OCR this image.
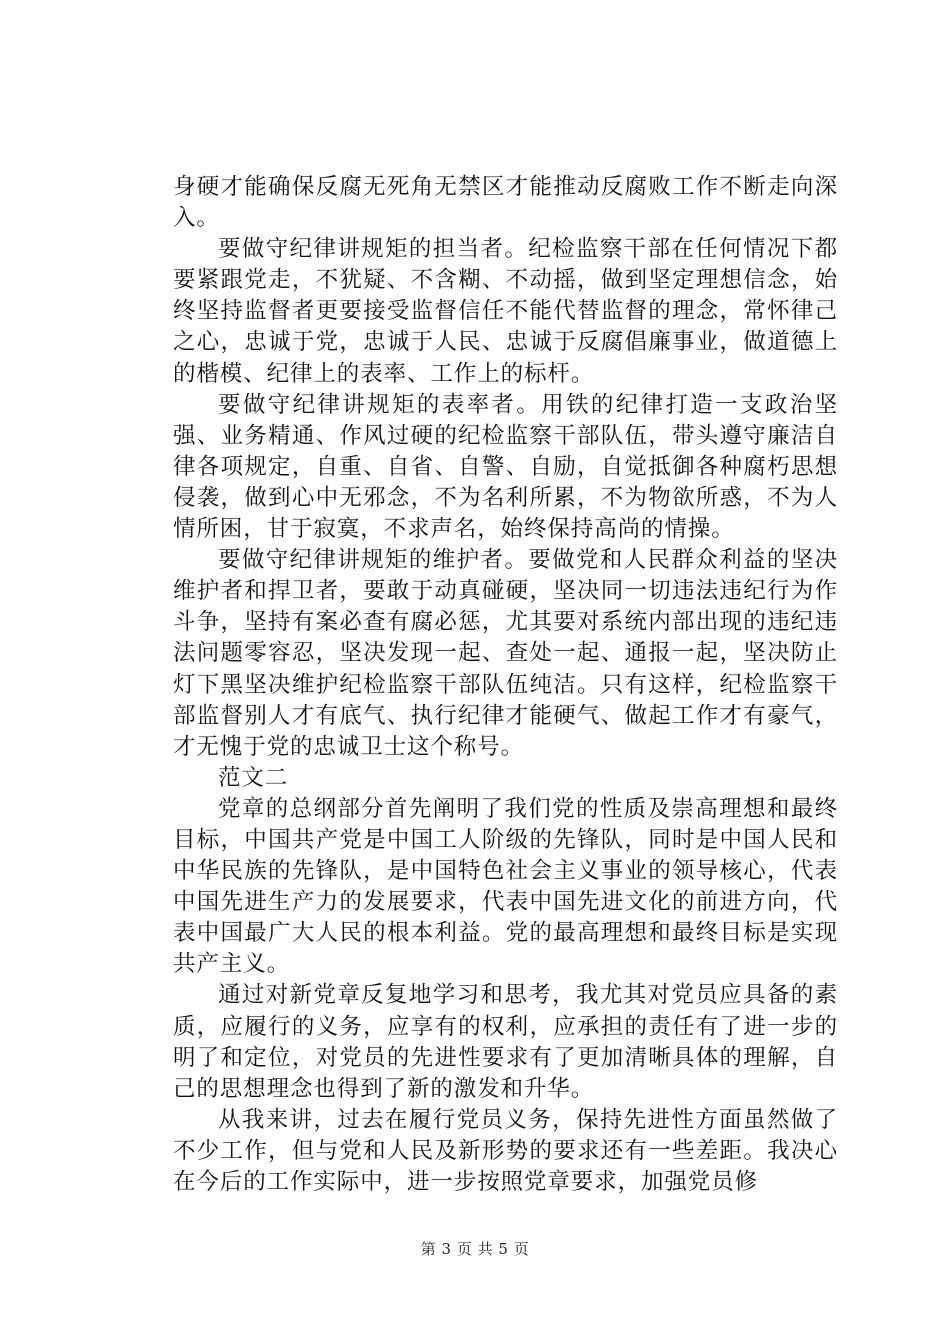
身硬才能确保反腐无死角无禁区才能推动反腐败工作不断走向深入。

要做守纪律讲规矩的担当者。纪检监察干部在任何情况下都要紧跟党走，不犹疑、不含糊、不动摇，做到坚定理想信念，始终坚持监督者更要接受监督信任不能代替监督的理念，常怀律己之心，忠诚于党，忠诚于人民、忠诚于反腐倡廉事业，做道德上的楷模、纪律上的表率、工作上的标杆。

要做守纪律讲规矩的表率者。用铁的纪律打造一支政治坚强、业务精通、作风过硬的纪检监察干部队伍，带头遵守廉洁自律各项规定，自重、自省、自警、自励，自觉抵御各种腐朽思想侵袭，做到心中无邪念，不为名利所累，不为物欲所惑，不为人情所困，甘于寂寞，不求声名，始终保持高尚的情操。

要做守纪律讲规矩的维护者。要做党和人民群众利益的坚决维护者和捍卫者，要敢于动真碰硬，坚决同一切违法违纪行为作斗争，坚持有案必查有腐必惩，尤其要对系统内部出现的违纪违法问题零容忍，坚决发现一起、查处一起、通报一起，坚决防止灯下黑坚决维护纪检监察干部队伍纯洁。只有这样，纪检监察干部监督别人才有底气、执行纪律才能硬气、做起工作才有豪气，才无愧于党的忠诚卫士这个称号。

范文二

党章的总纲部分首先阐明了我们党的性质及崇高理想和最终目标，中国共产党是中国工人阶级的先锋队，同时是中国人民和中华民族的先锋队，是中国特色社会主义事业的领导核心，代表中国先进生产力的发展要求，代表中国先进文化的前进方向，代表中国最广大人民的根本利益。党的最高理想和最终目标是实现共产主义。

通过对新党章反复地学习和思考，我尤其对党员应具备的素质，应履行的义务，应享有的权利，应承担的责任有了进一步的明了和定位，对党员的先进性要求有了更加清晰具体的理解，自己的思想理念也得到了新的激发和升华。

从我来讲，过去在履行党员义务，保持先进性方面虽然做了不少工作，但与党和人民及新形势的要求还有一些差距。我决心在今后的工作实际中，进一步按照党章要求，加强党员修

第 3 页 共 5 页
